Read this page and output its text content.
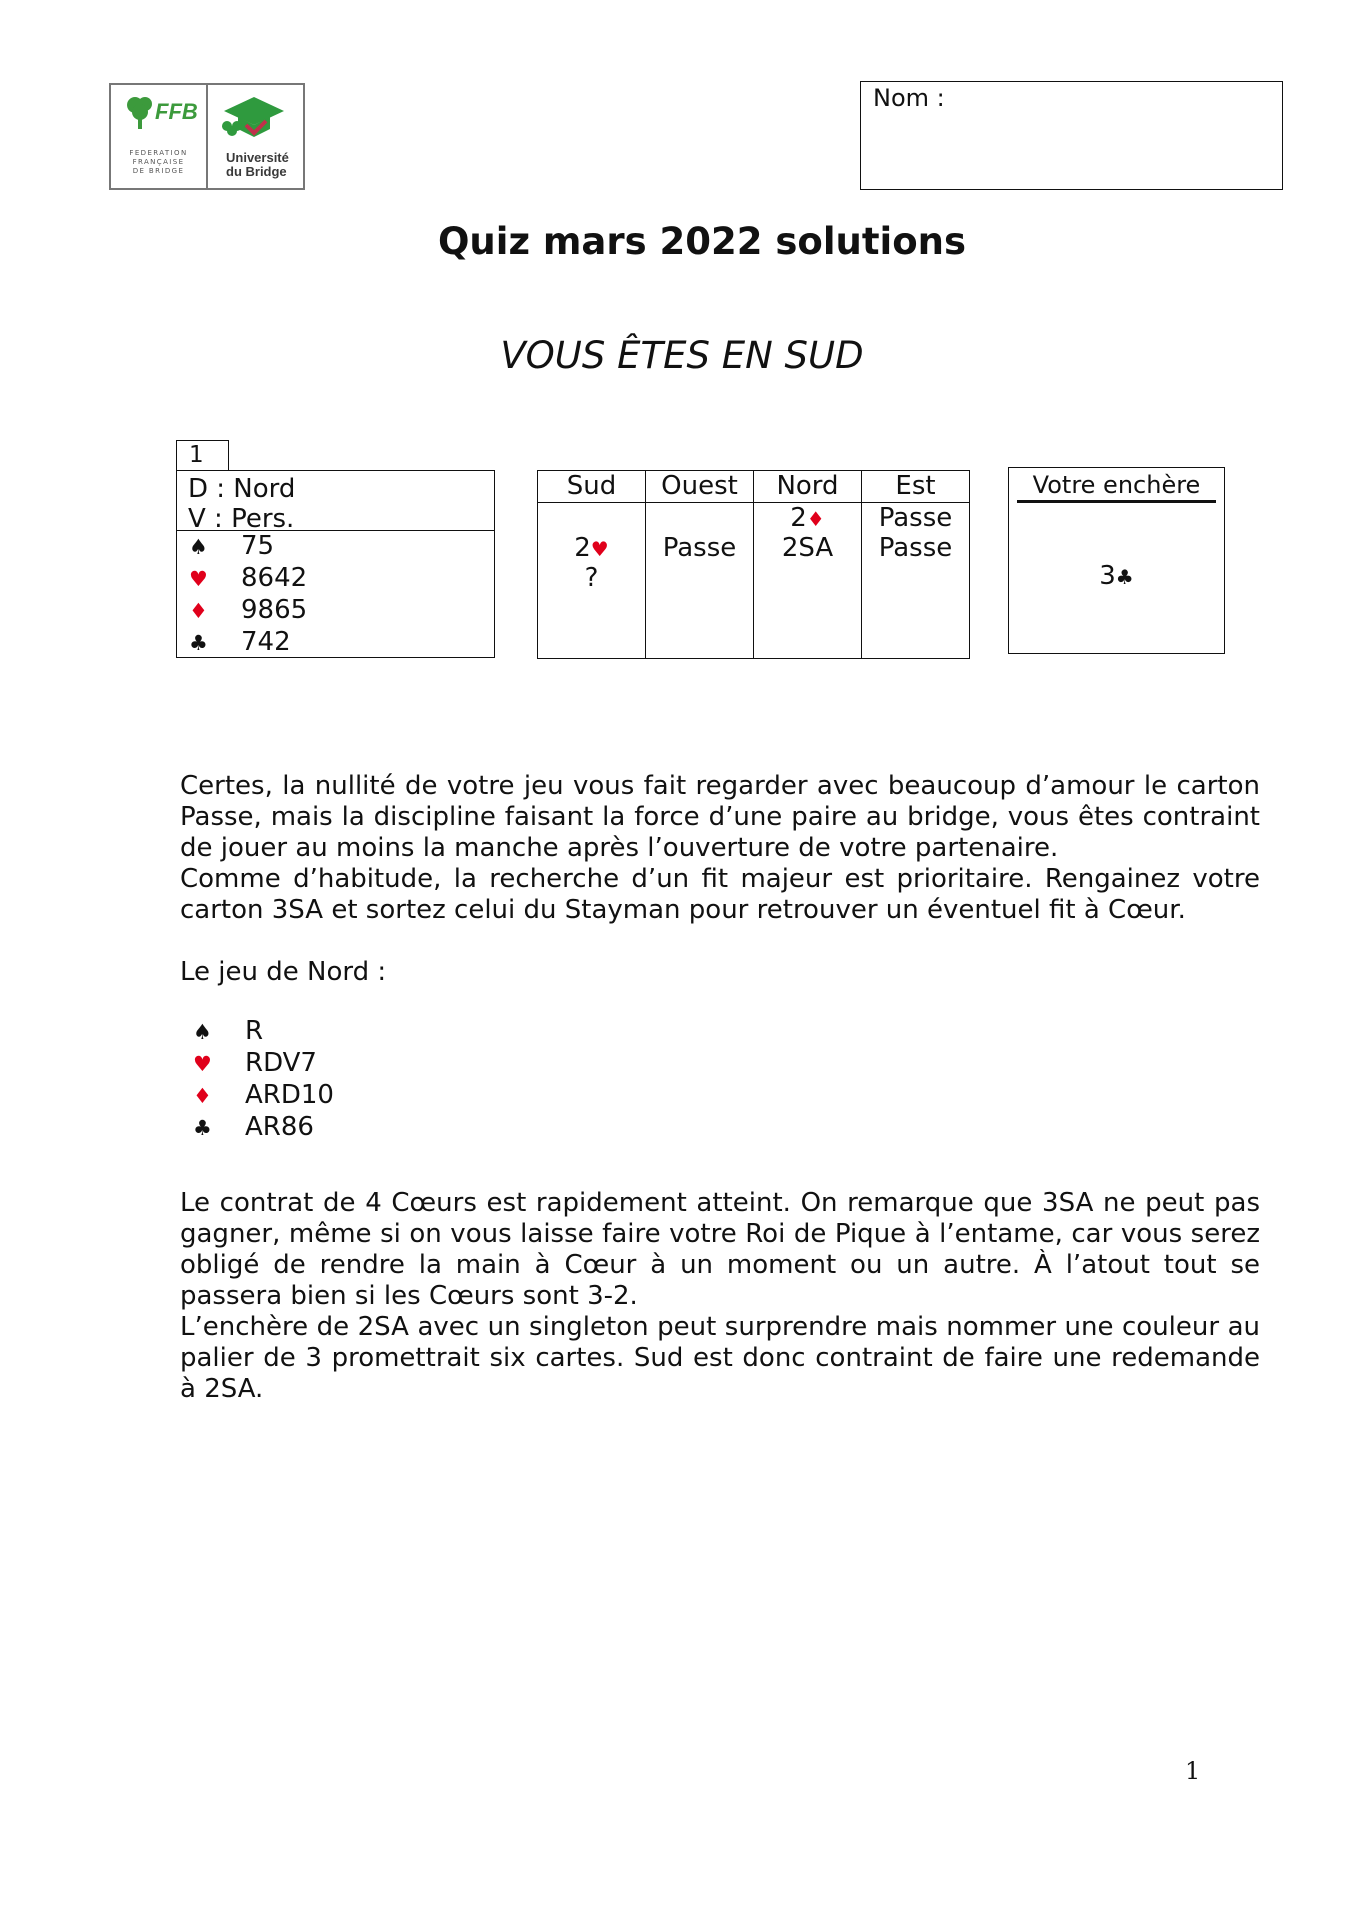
FFB
FEDERATION
FRANÇAISE
DE BRIDGE
Université
du Bridge
Nom :
Quiz mars 2022 solutions
VOUS ÊTES EN SUD
1
D : Nord
V : Pers.
♠ 75
♥ 8642
♦ 9865
♣ 742
Sud
2♥
?
Ouest
Passe
Nord
2♦
2SA
Est
Passe
Passe
Votre enchère
3♣

Certes, la nullité de votre jeu vous fait regarder avec beaucoup d’amour le carton Passe, mais la discipline faisant la force d’une paire au bridge, vous êtes contraint de jouer au moins la manche après l’ouverture de votre partenaire.

Comme d’habitude, la recherche d’un fit majeur est prioritaire. Rengainez votre carton 3SA et sortez celui du Stayman pour retrouver un éventuel fit à Cœur.

Le jeu de Nord :

♠ R
♥ RDV7
♦ ARD10
♣ AR86

Le contrat de 4 Cœurs est rapidement atteint. On remarque que 3SA ne peut pas gagner, même si on vous laisse faire votre Roi de Pique à l’entame, car vous serez obligé de rendre la main à Cœur à un moment ou un autre. À l’atout tout se passera bien si les Cœurs sont 3-2.

L’enchère de 2SA avec un singleton peut surprendre mais nommer une couleur au palier de 3 promettrait six cartes. Sud est donc contraint de faire une redemande à 2SA.

1
